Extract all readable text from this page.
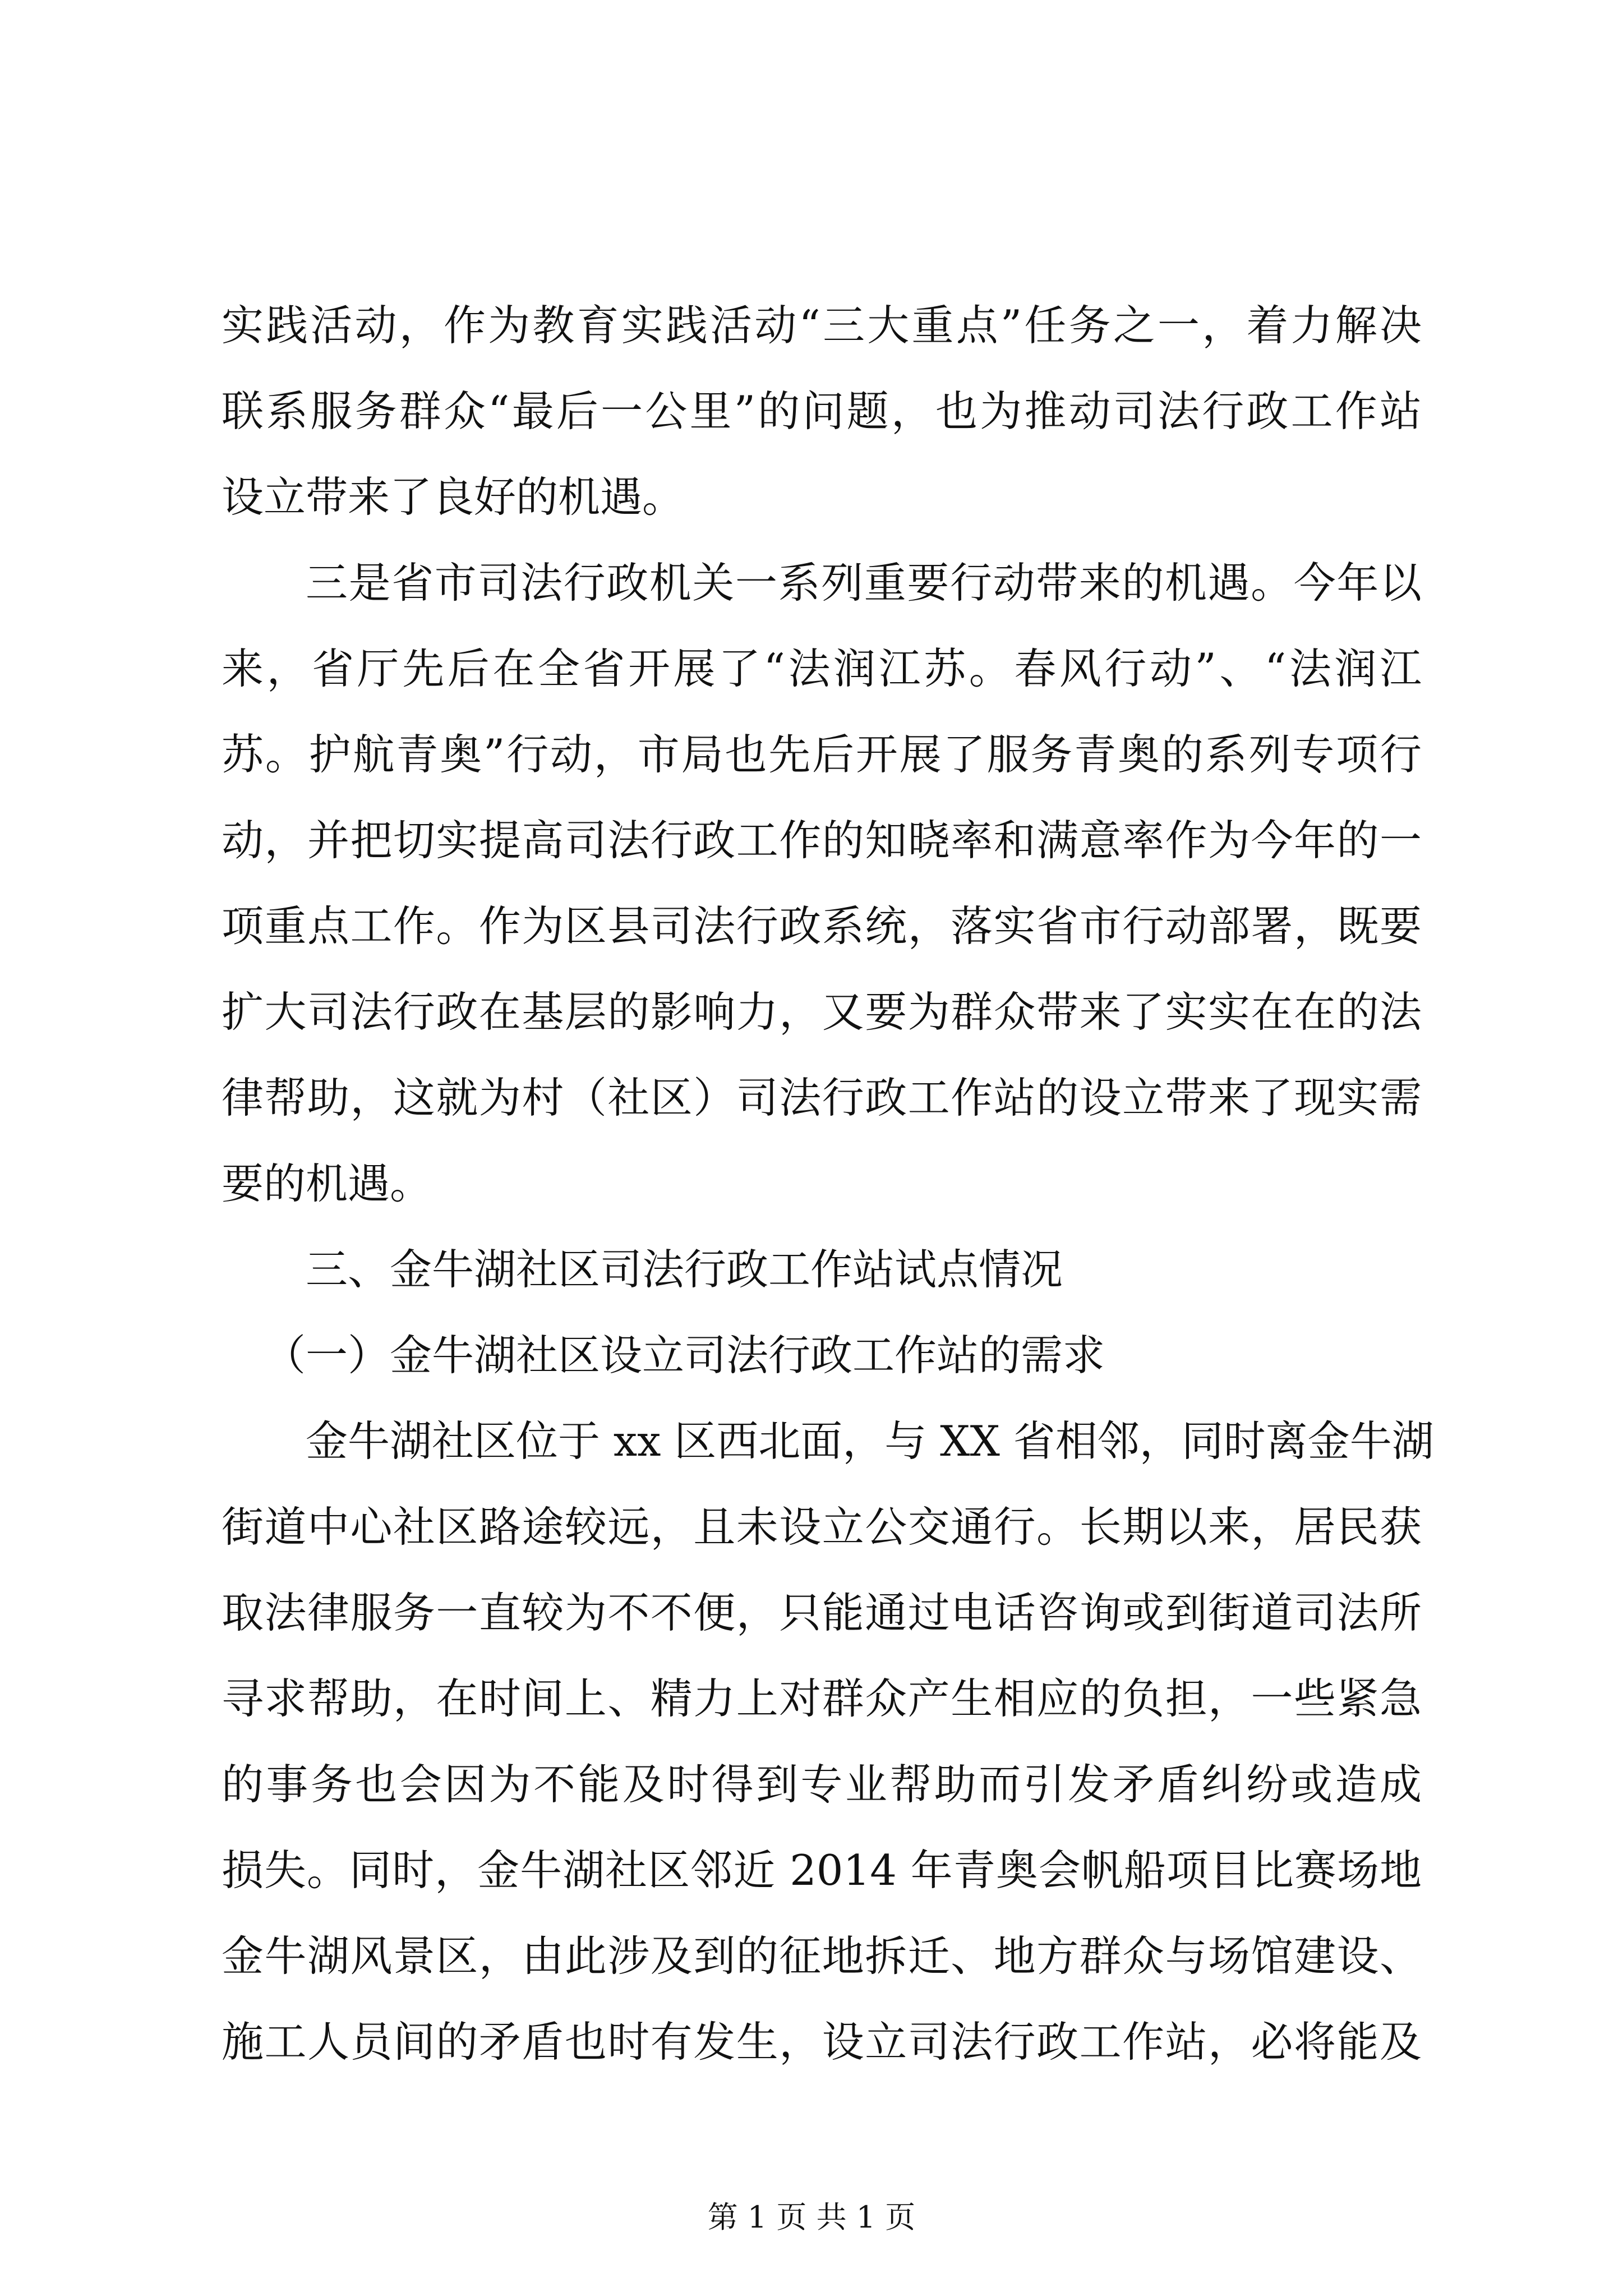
实践活动，作为教育实践活动“三大重点”任务之一，着力解决
联系服务群众“最后一公里”的问题，也为推动司法行政工作站
设立带来了良好的机遇。
三是省市司法行政机关一系列重要行动带来的机遇。今年以
来，省厅先后在全省开展了“法润江苏。春风行动”、“法润江
苏。护航青奥”行动，市局也先后开展了服务青奥的系列专项行
动，并把切实提高司法行政工作的知晓率和满意率作为今年的一
项重点工作。作为区县司法行政系统，落实省市行动部署，既要
扩大司法行政在基层的影响力，又要为群众带来了实实在在的法
律帮助，这就为村（社区）司法行政工作站的设立带来了现实需
要的机遇。
三、金牛湖社区司法行政工作站试点情况
（一）金牛湖社区设立司法行政工作站的需求
金牛湖社区位于 xx 区西北面，与 XX 省相邻，同时离金牛湖
街道中心社区路途较远，且未设立公交通行。长期以来，居民获
取法律服务一直较为不不便，只能通过电话咨询或到街道司法所
寻求帮助，在时间上、精力上对群众产生相应的负担，一些紧急
的事务也会因为不能及时得到专业帮助而引发矛盾纠纷或造成
损失。同时，金牛湖社区邻近 2014 年青奥会帆船项目比赛场地
金牛湖风景区，由此涉及到的征地拆迁、地方群众与场馆建设、
施工人员间的矛盾也时有发生，设立司法行政工作站，必将能及
第 1 页 共 1 页
